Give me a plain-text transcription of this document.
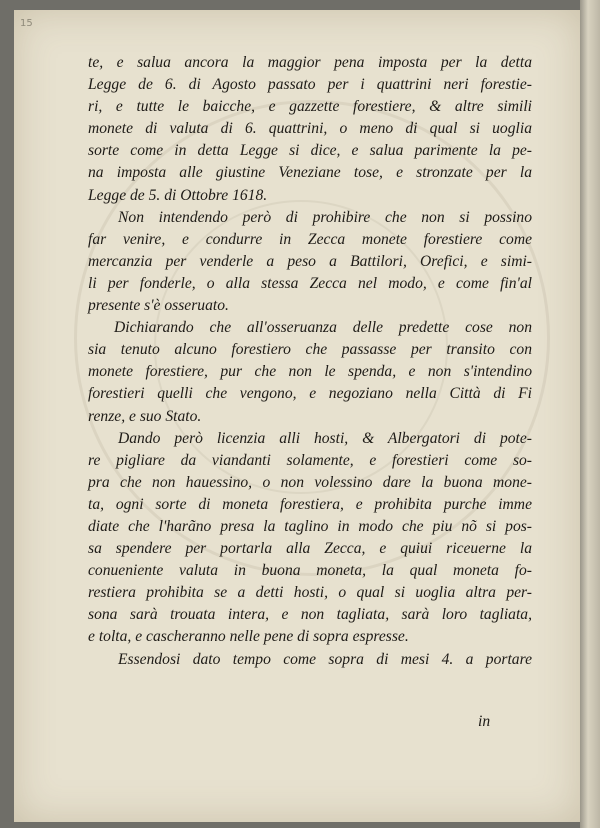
15
te, e salua ancora la maggior pena imposta per la detta
Legge de 6. di Agosto passato per i quattrini neri forestie-
ri, e tutte le baicche, e gazzette forestiere, & altre simili
monete di valuta di 6. quattrini, o meno di qual si uoglia
sorte come in detta Legge si dice, e salua parimente la pe-
na imposta alle giustine Veneziane tose, e stronzate per la
Legge de 5. di Ottobre 1618.
Non intendendo però di prohibire che non si possino
far venire, e condurre in Zecca monete forestiere come
mercanzia per venderle a peso a Battilori, Orefici, e simi-
li per fonderle, o alla stessa Zecca nel modo, e come fin'al
presente s'è osseruato.
Dichiarando che all'osseruanza delle predette cose non
sia tenuto alcuno forestiero che passasse per transito con
monete forestiere, pur che non le spenda, e non s'intendino
forestieri quelli che vengono, e negoziano nella Città di Fi
renze, e suo Stato.
Dando però licenzia alli hosti, & Albergatori di pote-
re pigliare da viandanti solamente, e forestieri come so-
pra che non hauessino, o non volessino dare la buona mone-
ta, ogni sorte di moneta forestiera, e prohibita purche imme
diate che l'harãno presa la taglino in modo che piu nõ si pos-
sa spendere per portarla alla Zecca, e quiui riceuerne la
conueniente valuta in buona moneta, la qual moneta fo-
restiera prohibita se a detti hosti, o qual si uoglia altra per-
sona sarà trouata intera, e non tagliata, sarà loro tagliata,
e tolta, e cascheranno nelle pene di sopra espresse.
Essendosi dato tempo come sopra di mesi 4. a portare
in
